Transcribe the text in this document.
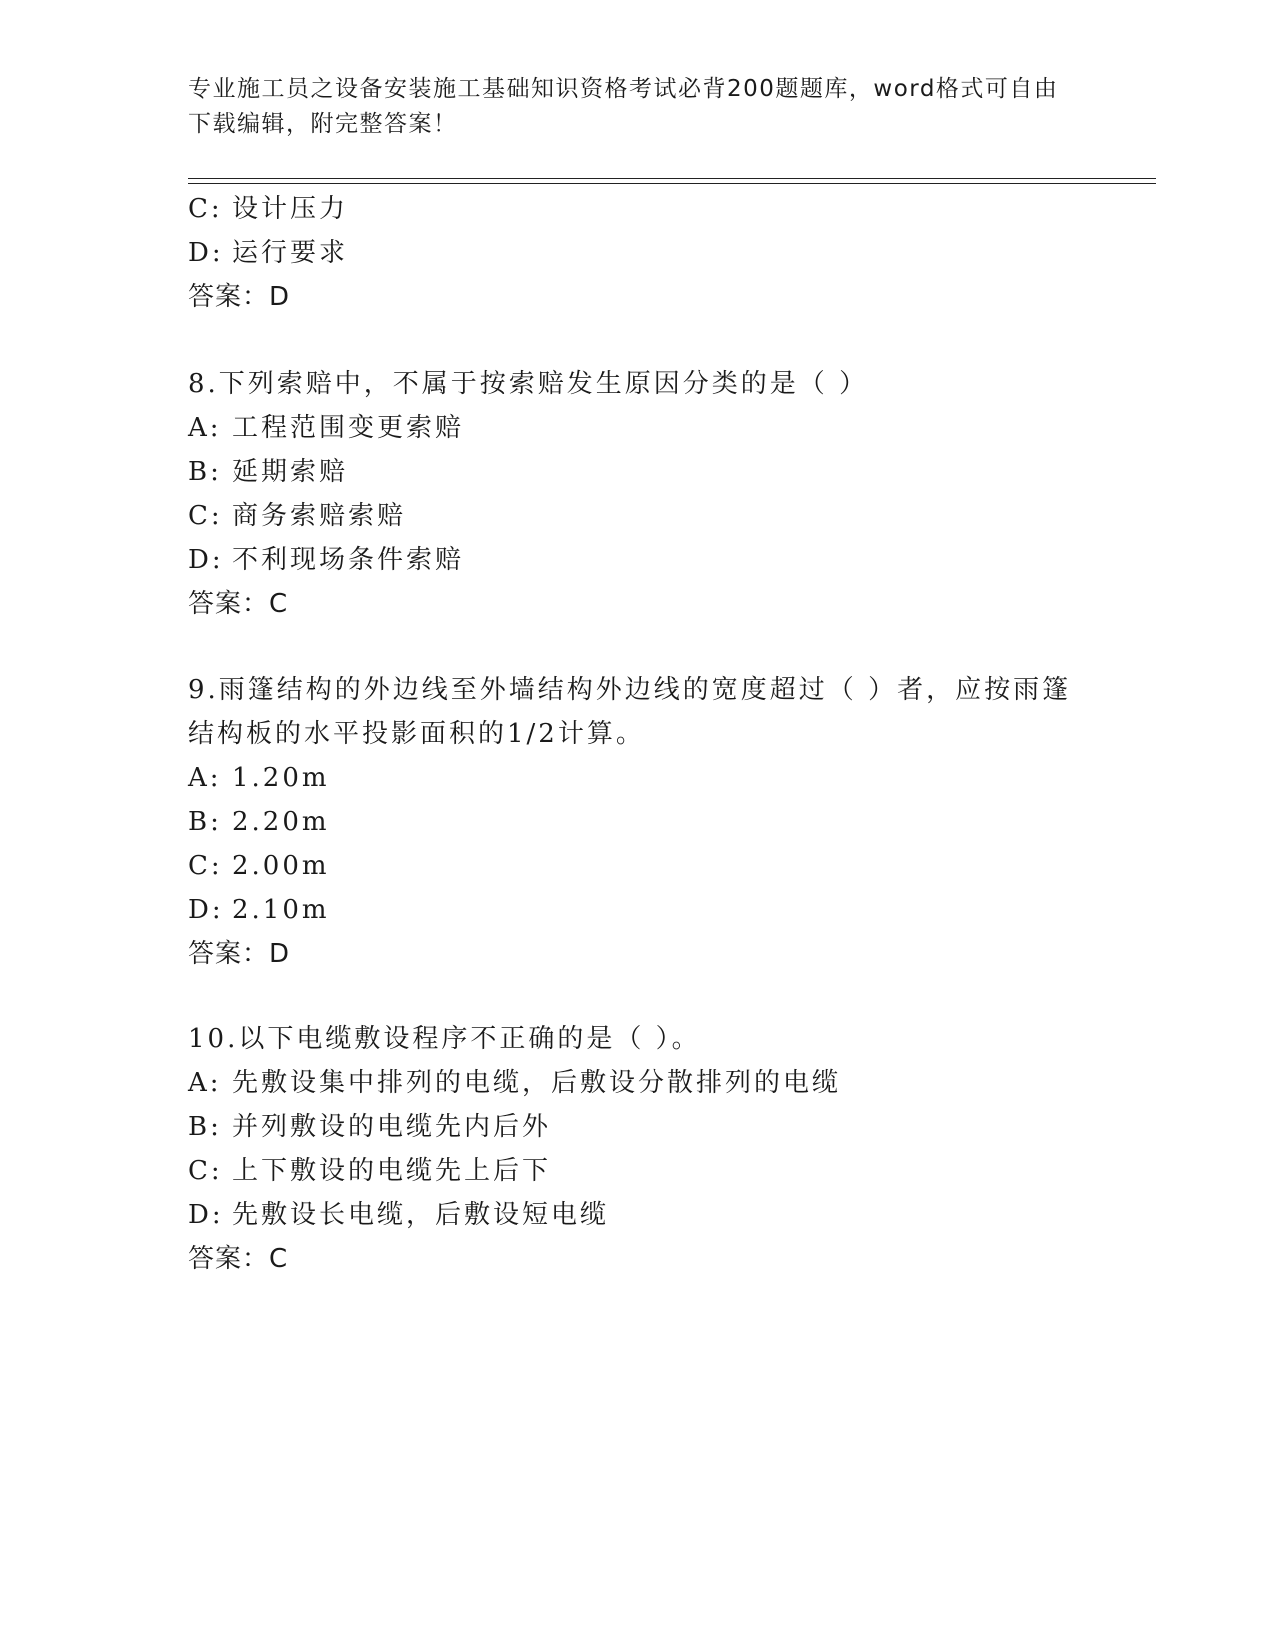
专业施工员之设备安装施工基础知识资格考试必背200题题库，word格式可自由
下载编辑，附完整答案！
C: 设计压力
D: 运行要求
答案：D
8.下列索赔中，不属于按索赔发生原因分类的是（ ）
A: 工程范围变更索赔
B: 延期索赔
C: 商务索赔索赔
D: 不利现场条件索赔
答案：C
9.雨篷结构的外边线至外墙结构外边线的宽度超过（ ）者，应按雨篷
结构板的水平投影面积的1/2计算。
A: 1.20m
B: 2.20m
C: 2.00m
D: 2.10m
答案：D
10.以下电缆敷设程序不正确的是（ ）。
A: 先敷设集中排列的电缆，后敷设分散排列的电缆
B: 并列敷设的电缆先内后外
C: 上下敷设的电缆先上后下
D: 先敷设长电缆，后敷设短电缆
答案：C
